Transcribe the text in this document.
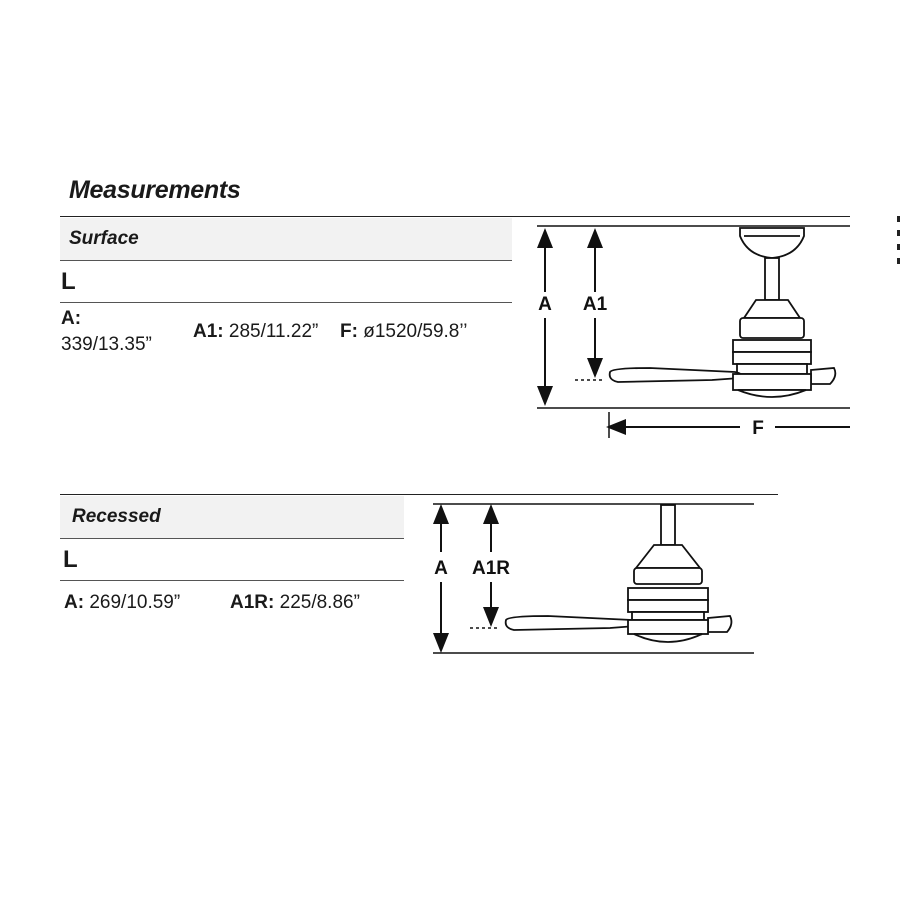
Measurements
Surface
L
A:
339/13.35”
A1: 285/11.22” F: ø1520/59.8’’
A A1
F
Recessed
L
A: 269/10.59”	A1R: 225/8.86”
A A1R
